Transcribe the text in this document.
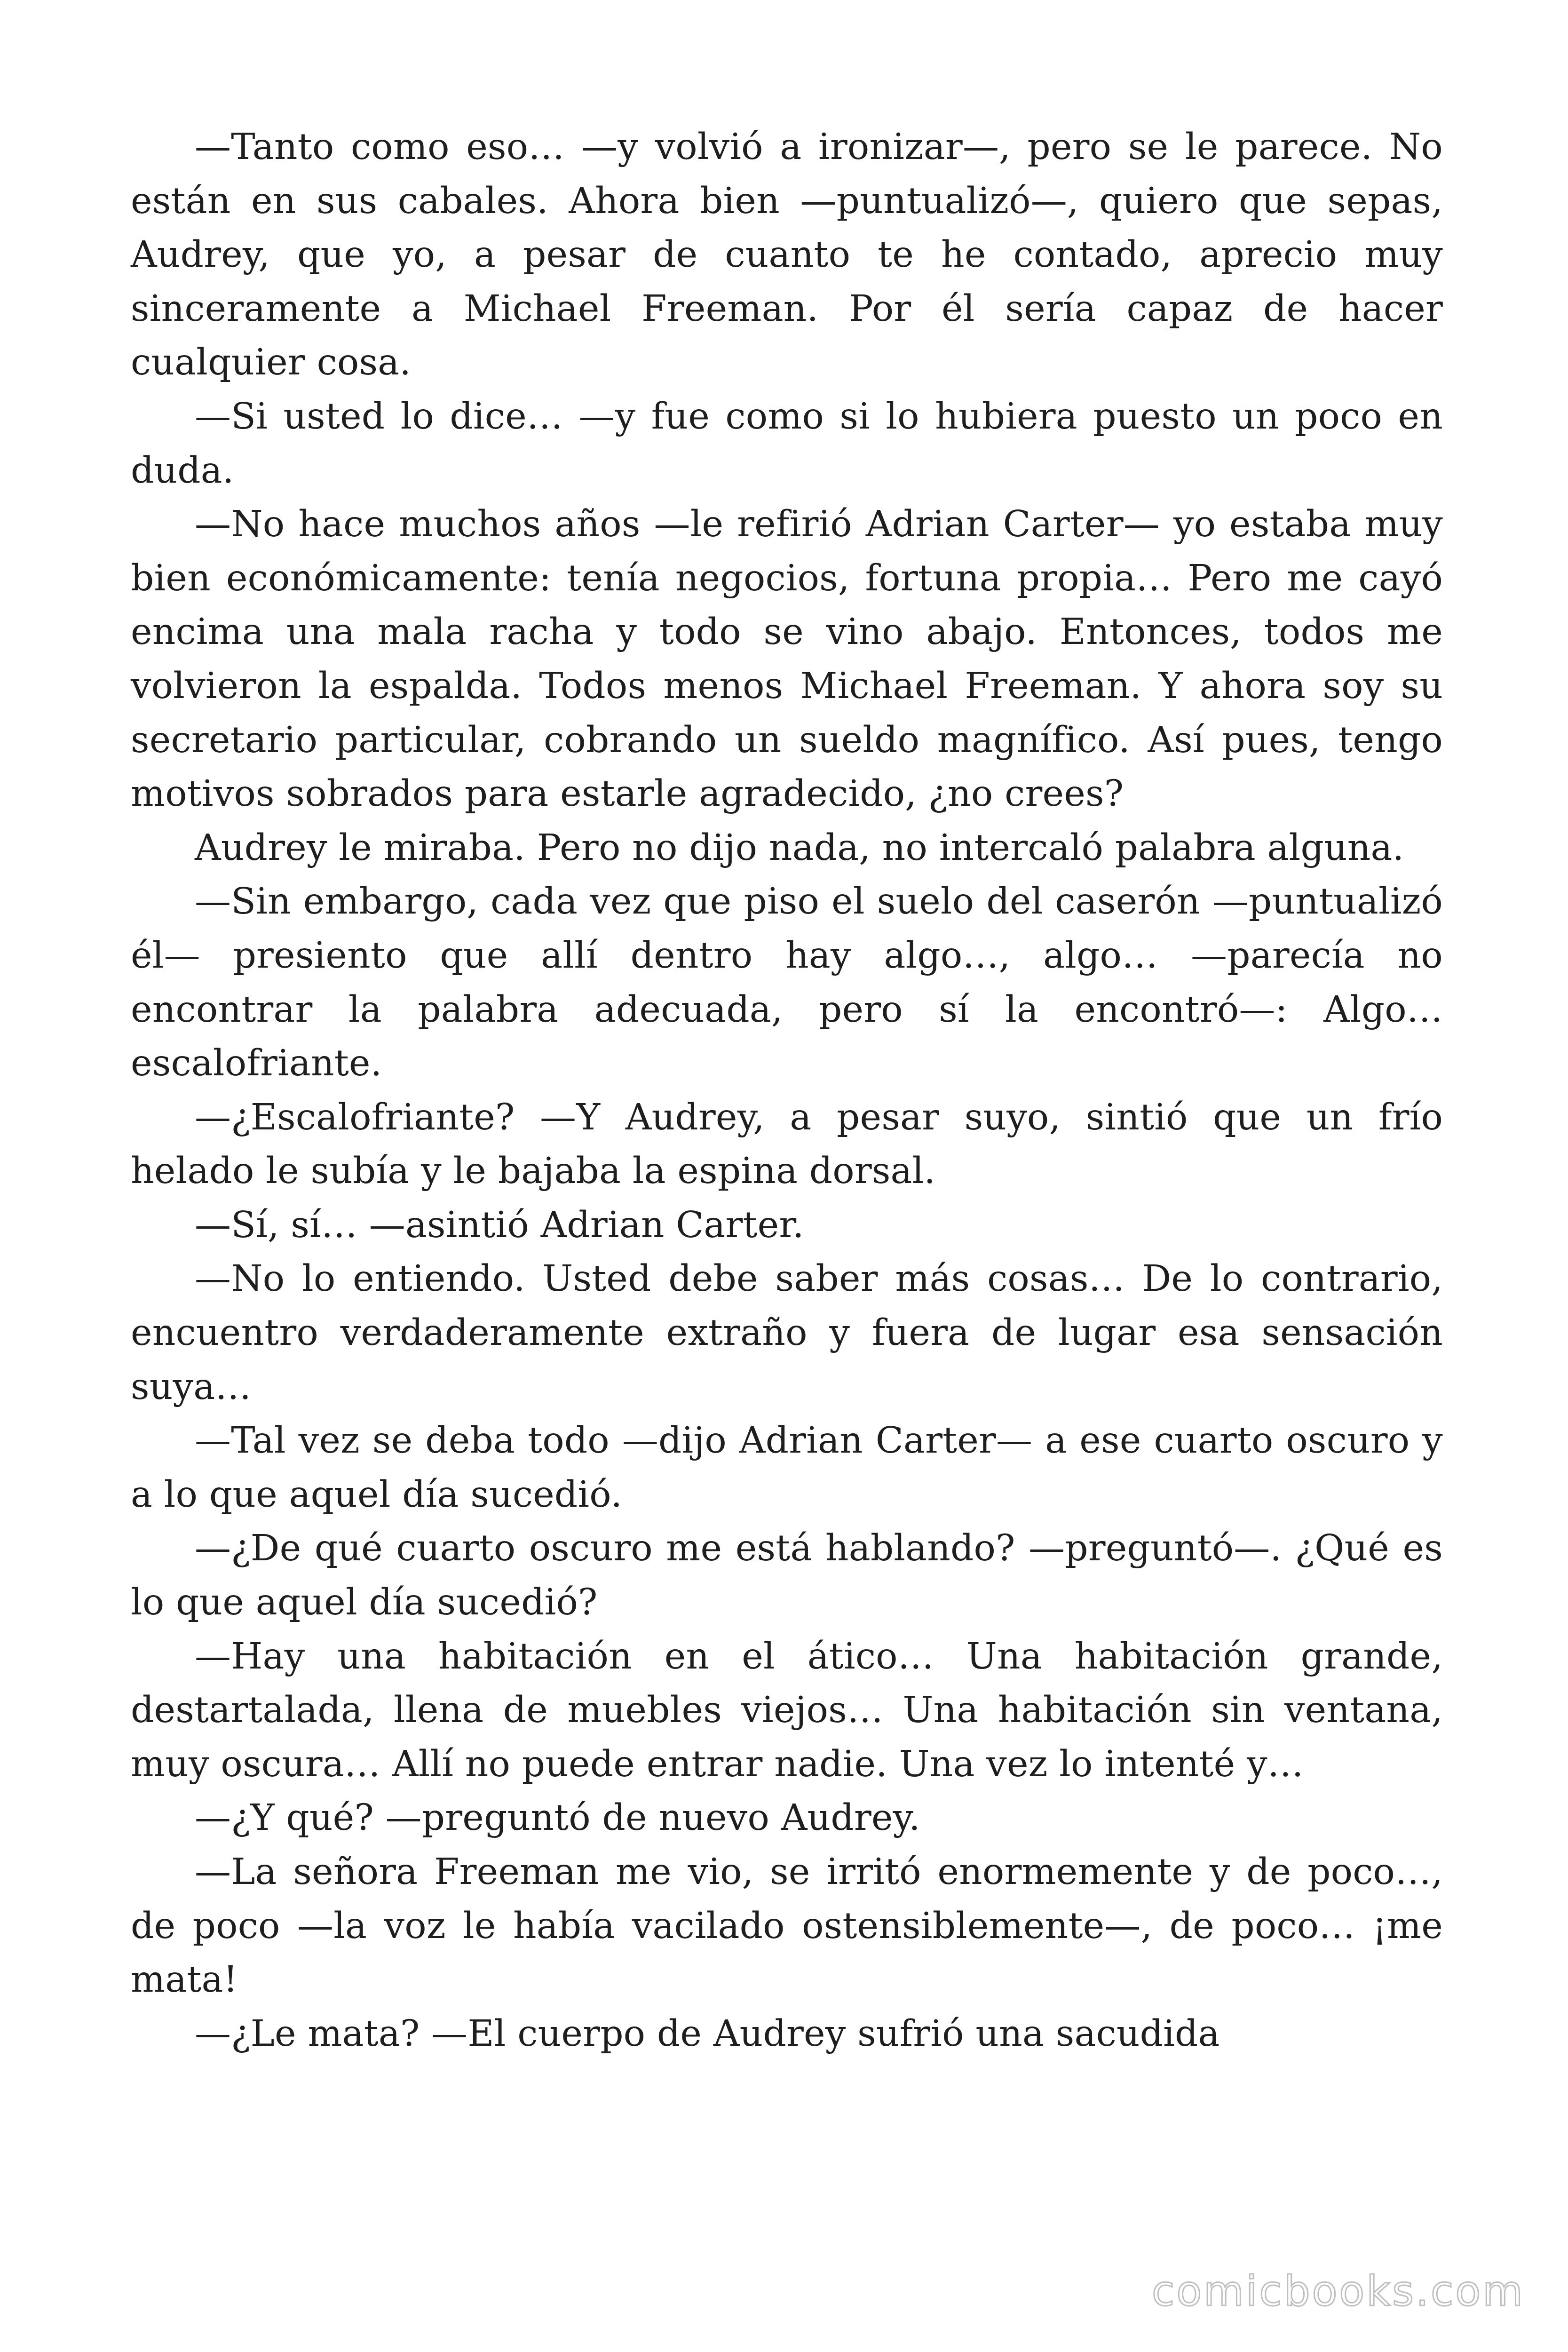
—Tanto como eso… —y volvió a ironizar—, pero se le parece. No están en sus cabales. Ahora bien —puntualizó—, quiero que sepas, Audrey, que yo, a pesar de cuanto te he contado, aprecio muy sinceramente a Michael Freeman. Por él sería capaz de hacer cualquier cosa.

—Si usted lo dice… —y fue como si lo hubiera puesto un poco en duda.

—No hace muchos años —le refirió Adrian Carter— yo estaba muy bien económicamente: tenía negocios, fortuna propia… Pero me cayó encima una mala racha y todo se vino abajo. Entonces, todos me volvieron la espalda. Todos menos Michael Freeman. Y ahora soy su secretario particular, cobrando un sueldo magnífico. Así pues, tengo motivos sobrados para estarle agradecido, ¿no crees?

Audrey le miraba. Pero no dijo nada, no intercaló palabra alguna.

—Sin embargo, cada vez que piso el suelo del caserón —puntualizó él— presiento que allí dentro hay algo…, algo… —parecía no encontrar la palabra adecuada, pero sí la encontró—: Algo… escalofriante.

—¿Escalofriante? —Y Audrey, a pesar suyo, sintió que un frío helado le subía y le bajaba la espina dorsal.

—Sí, sí… —asintió Adrian Carter.

—No lo entiendo. Usted debe saber más cosas… De lo contrario, encuentro verdaderamente extraño y fuera de lugar esa sensación suya…

—Tal vez se deba todo —dijo Adrian Carter— a ese cuarto oscuro y a lo que aquel día sucedió.

—¿De qué cuarto oscuro me está hablando? —preguntó—. ¿Qué es lo que aquel día sucedió?

—Hay una habitación en el ático… Una habitación grande, destartalada, llena de muebles viejos… Una habitación sin ventana, muy oscura… Allí no puede entrar nadie. Una vez lo intenté y…

—¿Y qué? —preguntó de nuevo Audrey.

—La señora Freeman me vio, se irritó enormemente y de poco…, de poco —la voz le había vacilado ostensiblemente—, de poco… ¡me mata!

—¿Le mata? —El cuerpo de Audrey sufrió una sacudida

comicbooks.com
